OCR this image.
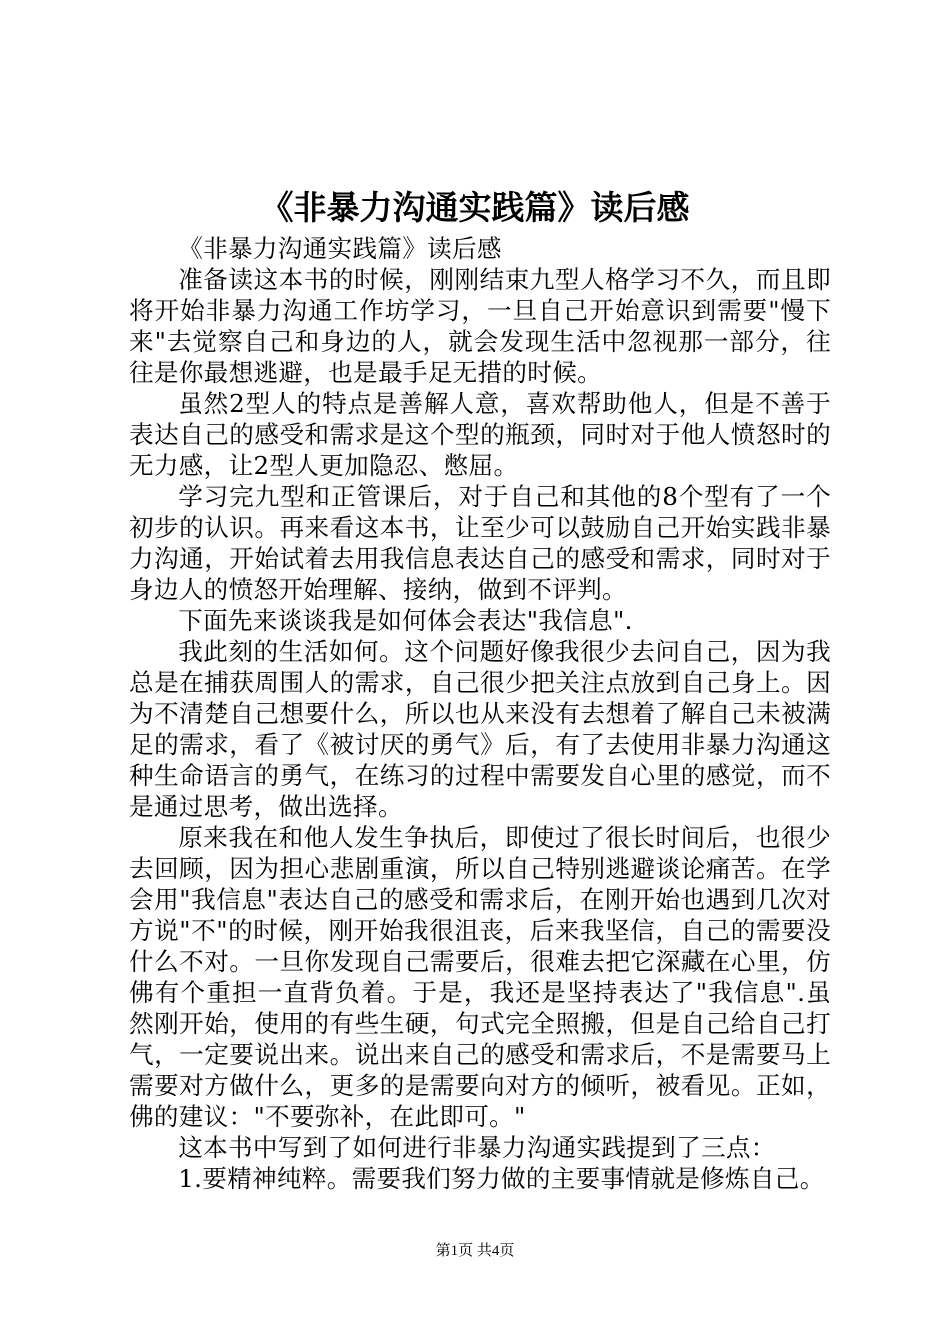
《非暴力沟通实践篇》读后感

《非暴力沟通实践篇》读后感

准备读这本书的时候，刚刚结束九型人格学习不久，而且即将开始非暴力沟通工作坊学习，一旦自己开始意识到需要"慢下来"去觉察自己和身边的人，就会发现生活中忽视那一部分，往往是你最想逃避，也是最手足无措的时候。

虽然2型人的特点是善解人意，喜欢帮助他人，但是不善于表达自己的感受和需求是这个型的瓶颈，同时对于他人愤怒时的无力感，让2型人更加隐忍、憋屈。

学习完九型和正管课后，对于自己和其他的8个型有了一个初步的认识。再来看这本书，让至少可以鼓励自己开始实践非暴力沟通，开始试着去用我信息表达自己的感受和需求，同时对于身边人的愤怒开始理解、接纳，做到不评判。

下面先来谈谈我是如何体会表达"我信息".

我此刻的生活如何。这个问题好像我很少去问自己，因为我总是在捕获周围人的需求，自己很少把关注点放到自己身上。因为不清楚自己想要什么，所以也从来没有去想着了解自己未被满足的需求，看了《被讨厌的勇气》后，有了去使用非暴力沟通这种生命语言的勇气，在练习的过程中需要发自心里的感觉，而不是通过思考，做出选择。

原来我在和他人发生争执后，即使过了很长时间后，也很少去回顾，因为担心悲剧重演，所以自己特别逃避谈论痛苦。在学会用"我信息"表达自己的感受和需求后，在刚开始也遇到几次对方说"不"的时候，刚开始我很沮丧，后来我坚信，自己的需要没什么不对。一旦你发现自己需要后，很难去把它深藏在心里，仿佛有个重担一直背负着。于是，我还是坚持表达了"我信息".虽然刚开始，使用的有些生硬，句式完全照搬，但是自己给自己打气，一定要说出来。说出来自己的感受和需求后，不是需要马上需要对方做什么，更多的是需要向对方的倾听，被看见。正如，佛的建议："不要弥补，在此即可。"

这本书中写到了如何进行非暴力沟通实践提到了三点：

1.要精神纯粹。需要我们努力做的主要事情就是修炼自己。

第1页 共4页
